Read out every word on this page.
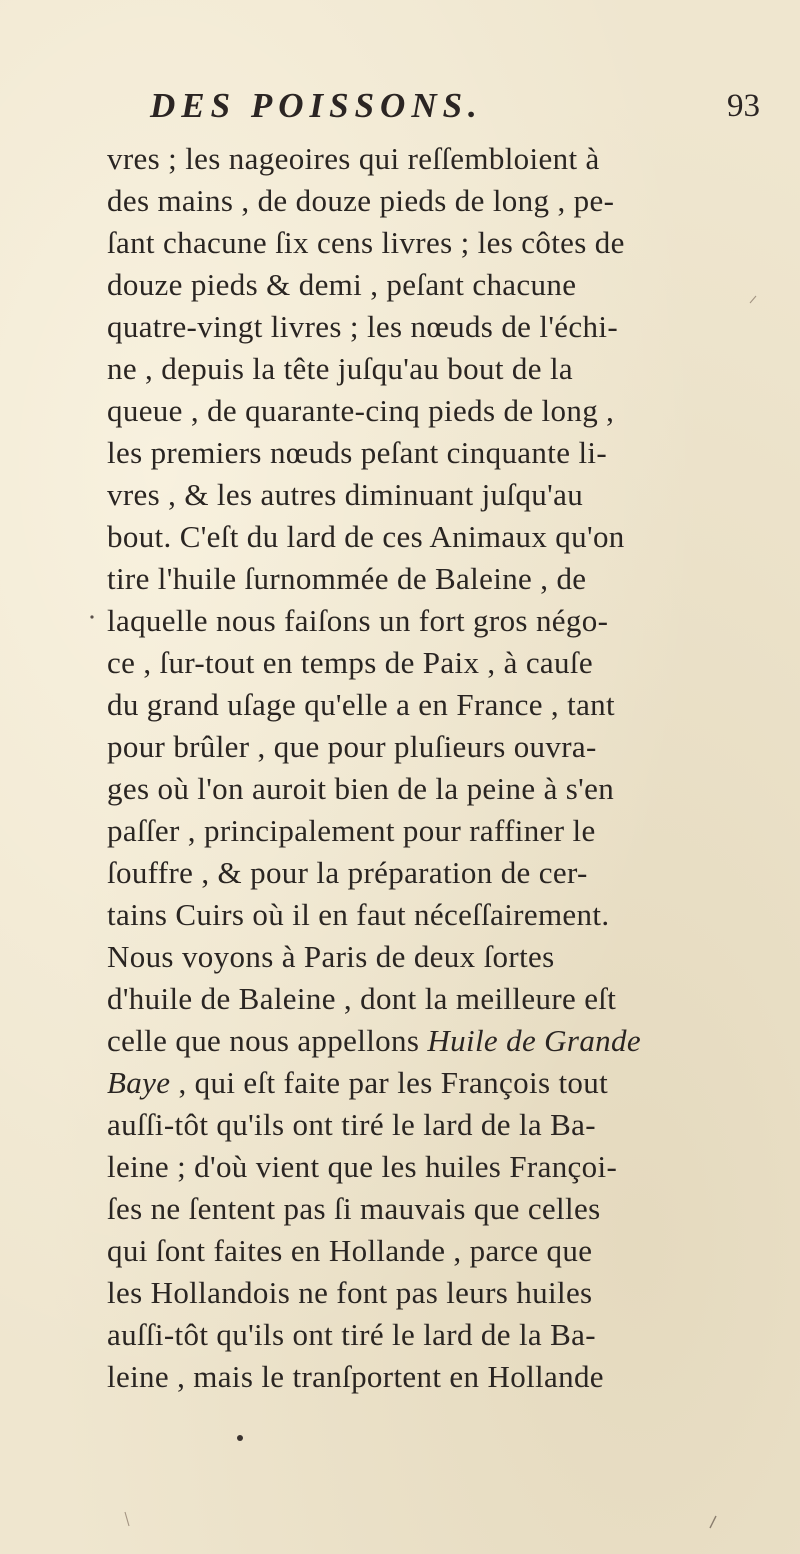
DES POISSONS.	93
vres ; les nageoires qui reſſembloient à
des mains , de douze pieds de long , pe-
ſant chacune ſix cens livres ; les côtes de
douze pieds & demi , peſant chacune
quatre-vingt livres ; les nœuds de l'échi-
ne , depuis la tête juſqu'au bout de la
queue , de quarante-cinq pieds de long ,
les premiers nœuds peſant cinquante li-
vres , & les autres diminuant juſqu'au
bout. C'eſt du lard de ces Animaux qu'on
tire l'huile ſurnommée de Baleine , de
laquelle nous faiſons un fort gros négo-
ce , ſur-tout en temps de Paix , à cauſe
du grand uſage qu'elle a en France , tant
pour brûler , que pour pluſieurs ouvra-
ges où l'on auroit bien de la peine à s'en
paſſer , principalement pour raffiner le
ſouffre , & pour la préparation de cer-
tains Cuirs où il en faut néceſſairement.
Nous voyons à Paris de deux ſortes
d'huile de Baleine , dont la meilleure eſt
celle que nous appellons Huile de Grande
Baye , qui eſt faite par les François tout
auſſi-tôt qu'ils ont tiré le lard de la Ba-
leine ; d'où vient que les huiles Françoi-
ſes ne ſentent pas ſi mauvais que celles
qui ſont faites en Hollande , parce que
les Hollandois ne font pas leurs huiles
auſſi-tôt qu'ils ont tiré le lard de la Ba-
leine , mais le tranſportent en Hollande
